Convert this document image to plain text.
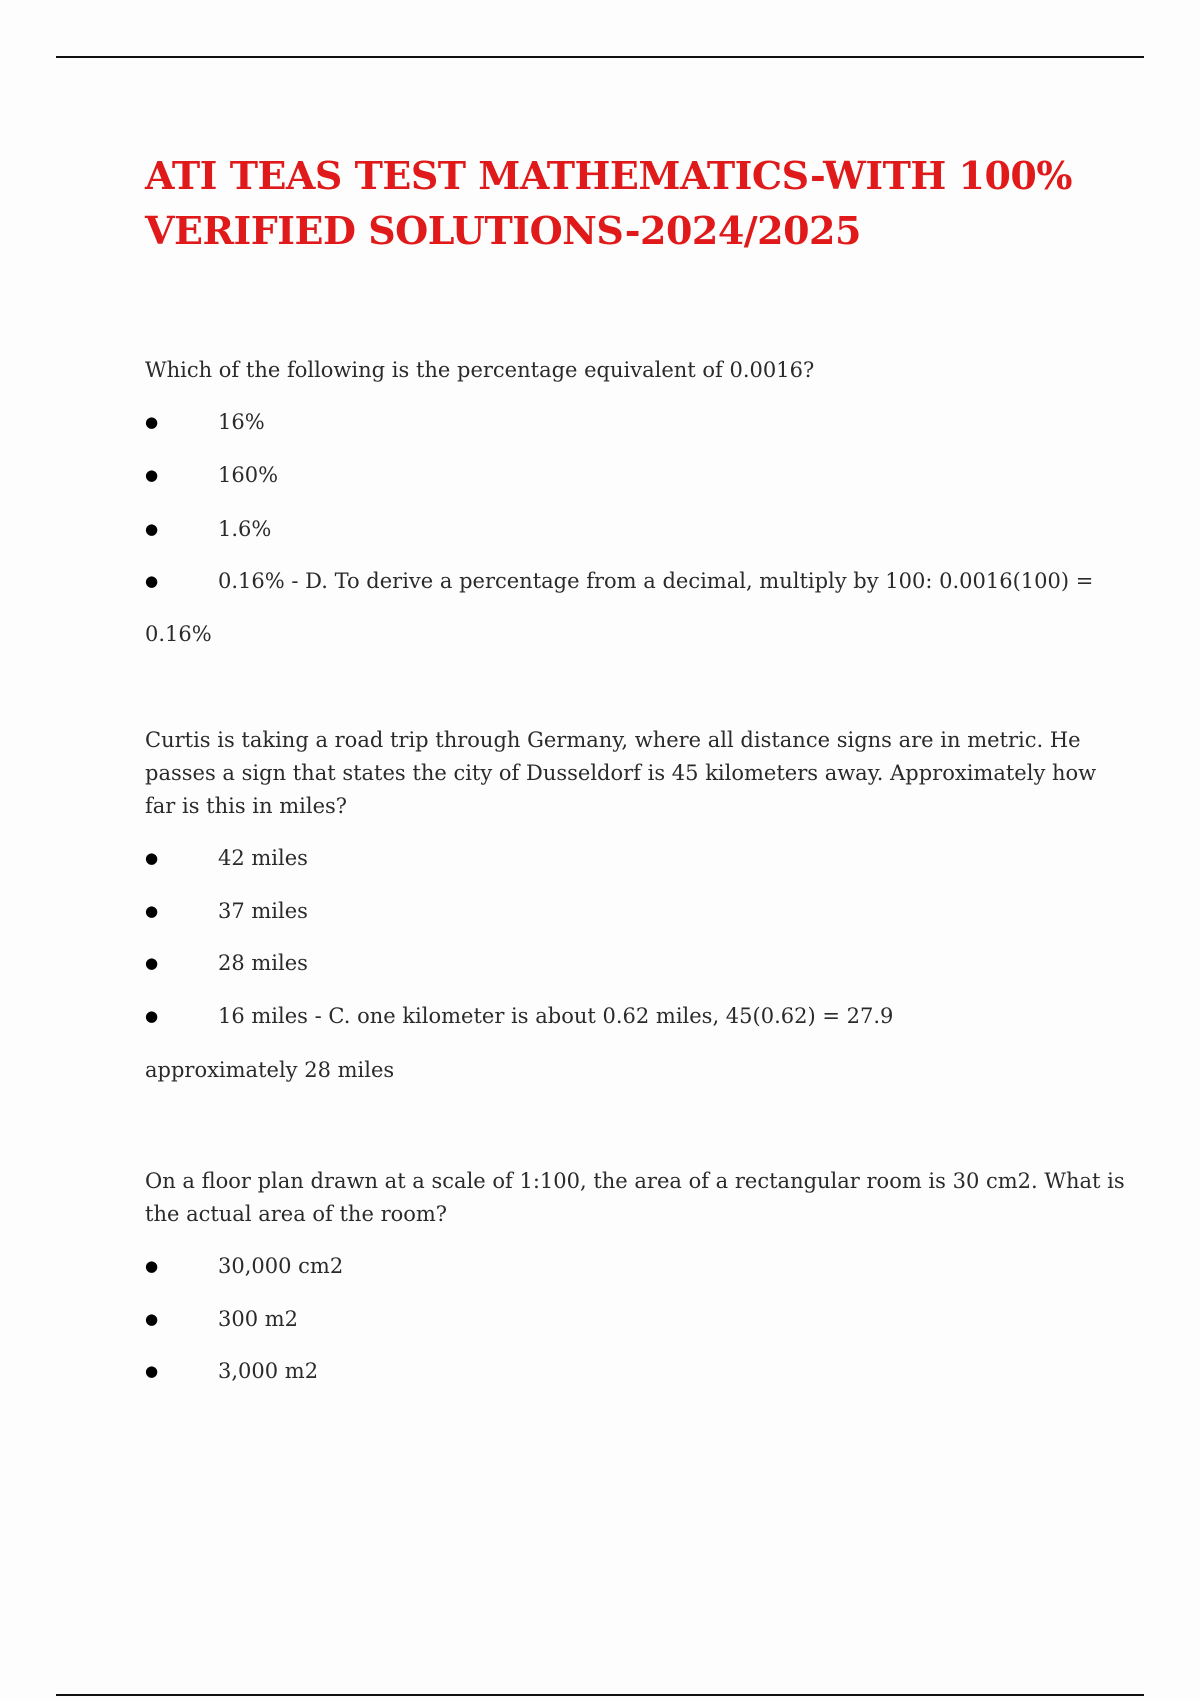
ATI TEAS TEST MATHEMATICS-WITH 100%
VERIFIED SOLUTIONS-2024/2025

Which of the following is the percentage equivalent of 0.0016?

●	16%
●	160%
●	1.6%
●	0.16% - D. To derive a percentage from a decimal, multiply by 100: 0.0016(100) =

0.16%

Curtis is taking a road trip through Germany, where all distance signs are in metric. He

passes a sign that states the city of Dusseldorf is 45 kilometers away. Approximately how

far is this in miles?

●	42 miles
●	37 miles
●	28 miles
●	16 miles - C. one kilometer is about 0.62 miles, 45(0.62) = 27.9

approximately 28 miles

On a floor plan drawn at a scale of 1:100, the area of a rectangular room is 30 cm2. What is

the actual area of the room?

●	30,000 cm2
●	300 m2
●	3,000 m2
